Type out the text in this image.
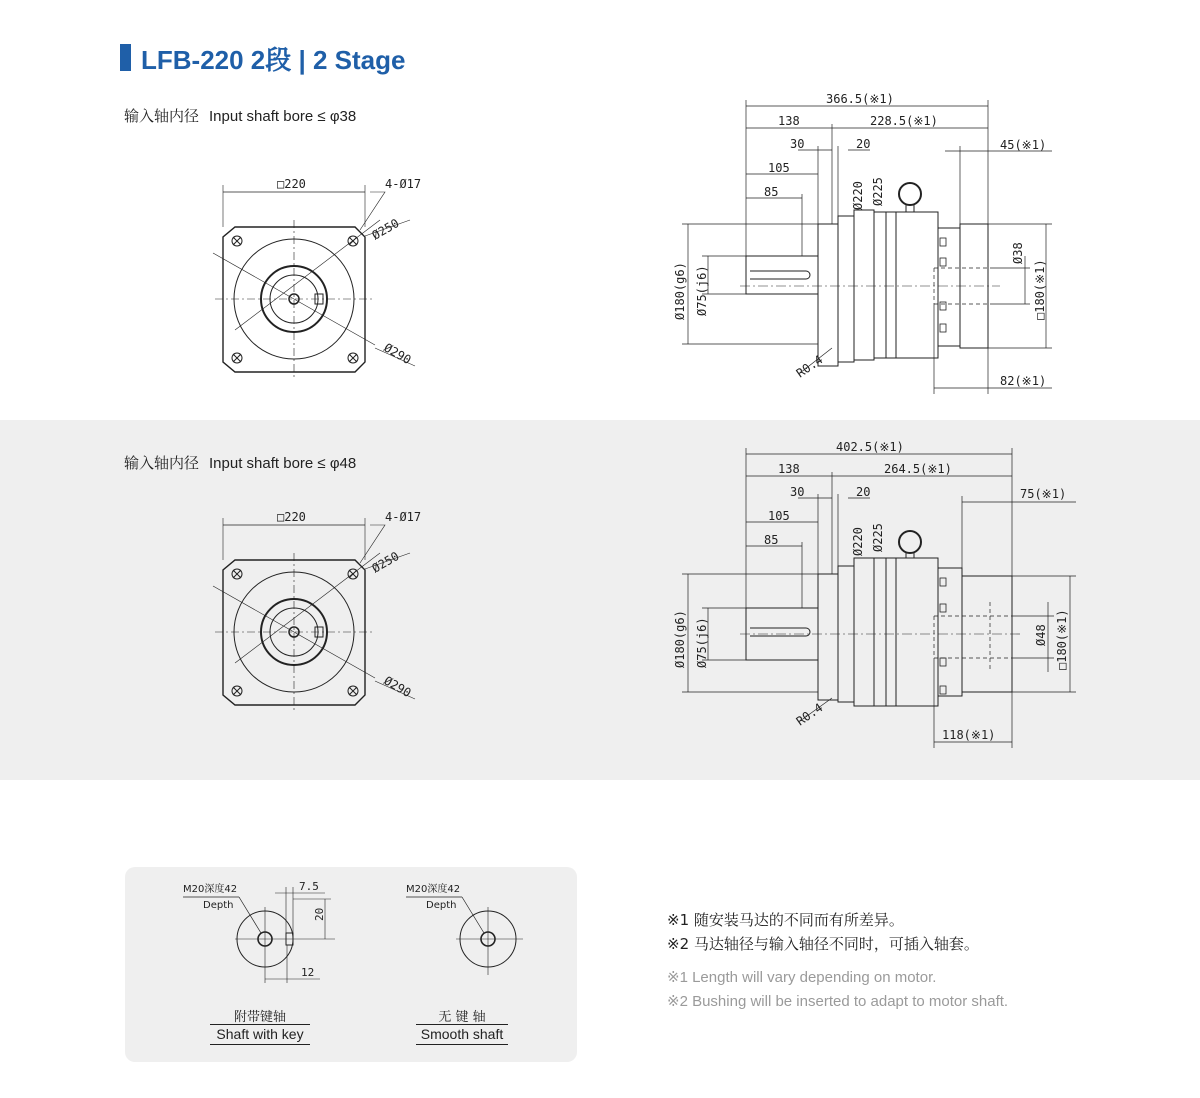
LFB-220 2段 | 2 Stage
输入轴内径 Input shaft bore ≤ φ38
输入轴内径 Input shaft bore ≤ φ48
□220	4-Ø17
Ø250
Ø290
□220	4-Ø17
Ø250
Ø290
366.5(※1)
138	228.5(※1)
30	20
105
85
45(※1)
Ø220 Ø225
Ø180(g6) Ø75(j6)
Ø38
□180(※1)
R0.4
82(※1)
402.5(※1)
138	264.5(※1)
30	20
105
85
75(※1)
Ø220 Ø225
Ø180(g6) Ø75(j6)	Ø48 □180(※1)
R0.4
118(※1)
M20深度42
Depth
7.5
20
12
M20深度42
Depth
附带键轴
Shaft with key
无 键 轴
Smooth shaft
※1 随安装马达的不同而有所差异。
※2 马达轴径与输入轴径不同时，可插入轴套。
※1 Length will vary depending on motor.
※2 Bushing will be inserted to adapt to motor shaft.
